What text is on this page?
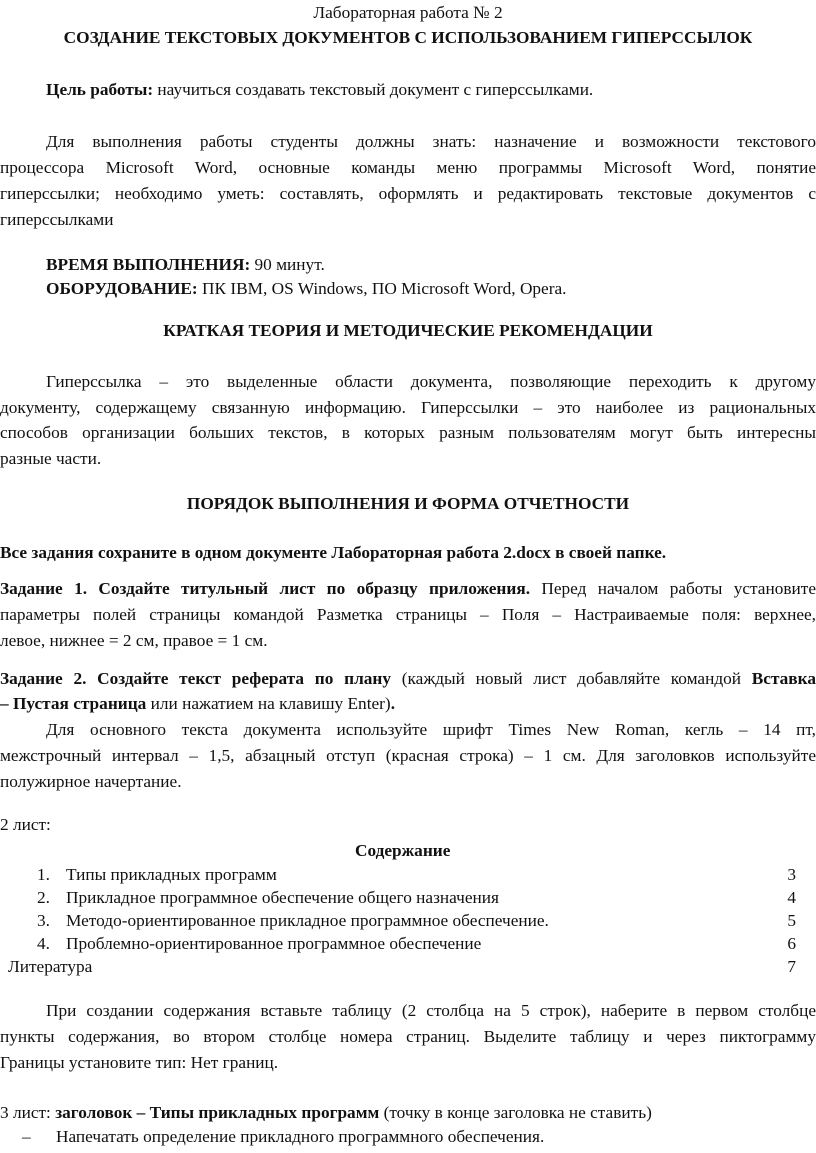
Лабораторная работа № 2
СОЗДАНИЕ ТЕКСТОВЫХ ДОКУМЕНТОВ С ИСПОЛЬЗОВАНИЕМ ГИПЕРССЫЛОК
Цель работы: научиться создавать текстовый документ с гиперссылками.
Для выполнения работы студенты должны знать: назначение и возможности текстового
процессора Microsoft Word, основные команды меню программы Microsoft Word, понятие
гиперссылки; необходимо уметь: составлять, оформлять и редактировать текстовые документов с
гиперссылками
ВРЕМЯ ВЫПОЛНЕНИЯ: 90 минут.
ОБОРУДОВАНИЕ: ПК IBM, OS Windows, ПО Microsoft Word, Opera.
КРАТКАЯ ТЕОРИЯ И МЕТОДИЧЕСКИЕ РЕКОМЕНДАЦИИ
Гиперссылка – это выделенные области документа, позволяющие переходить к другому
документу, содержащему связанную информацию. Гиперссылки – это наиболее из рациональных
способов организации больших текстов, в которых разным пользователям могут быть интересны
разные части.
ПОРЯДОК ВЫПОЛНЕНИЯ И ФОРМА ОТЧЕТНОСТИ
Все задания сохраните в одном документе Лабораторная работа 2.docx в своей папке.
Задание 1. Создайте титульный лист по образцу приложения. Перед началом работы установите
параметры полей страницы командой Разметка страницы – Поля – Настраиваемые поля: верхнее,
левое, нижнее = 2 см, правое = 1 см.
Задание 2. Создайте текст реферата по плану (каждый новый лист добавляйте командой Вставка
– Пустая страница или нажатием на клавишу Enter).
Для основного текста документа используйте шрифт Times New Roman, кегль – 14 пт,
межстрочный интервал – 1,5, абзацный отступ (красная строка) – 1 см. Для заголовков используйте
полужирное начертание.
2 лист:
Содержание
1. Типы прикладных программ	3
2. Прикладное программное обеспечение общего назначения	4
3. Методо-ориентированное прикладное программное обеспечение.	5
4. Проблемно-ориентированное программное обеспечение	6
Литература	7
При создании содержания вставьте таблицу (2 столбца на 5 строк), наберите в первом столбце
пункты содержания, во втором столбце номера страниц. Выделите таблицу и через пиктограмму
Границы установите тип: Нет границ.
3 лист: заголовок – Типы прикладных программ (точку в конце заголовка не ставить)
– Напечатать определение прикладного программного обеспечения.
